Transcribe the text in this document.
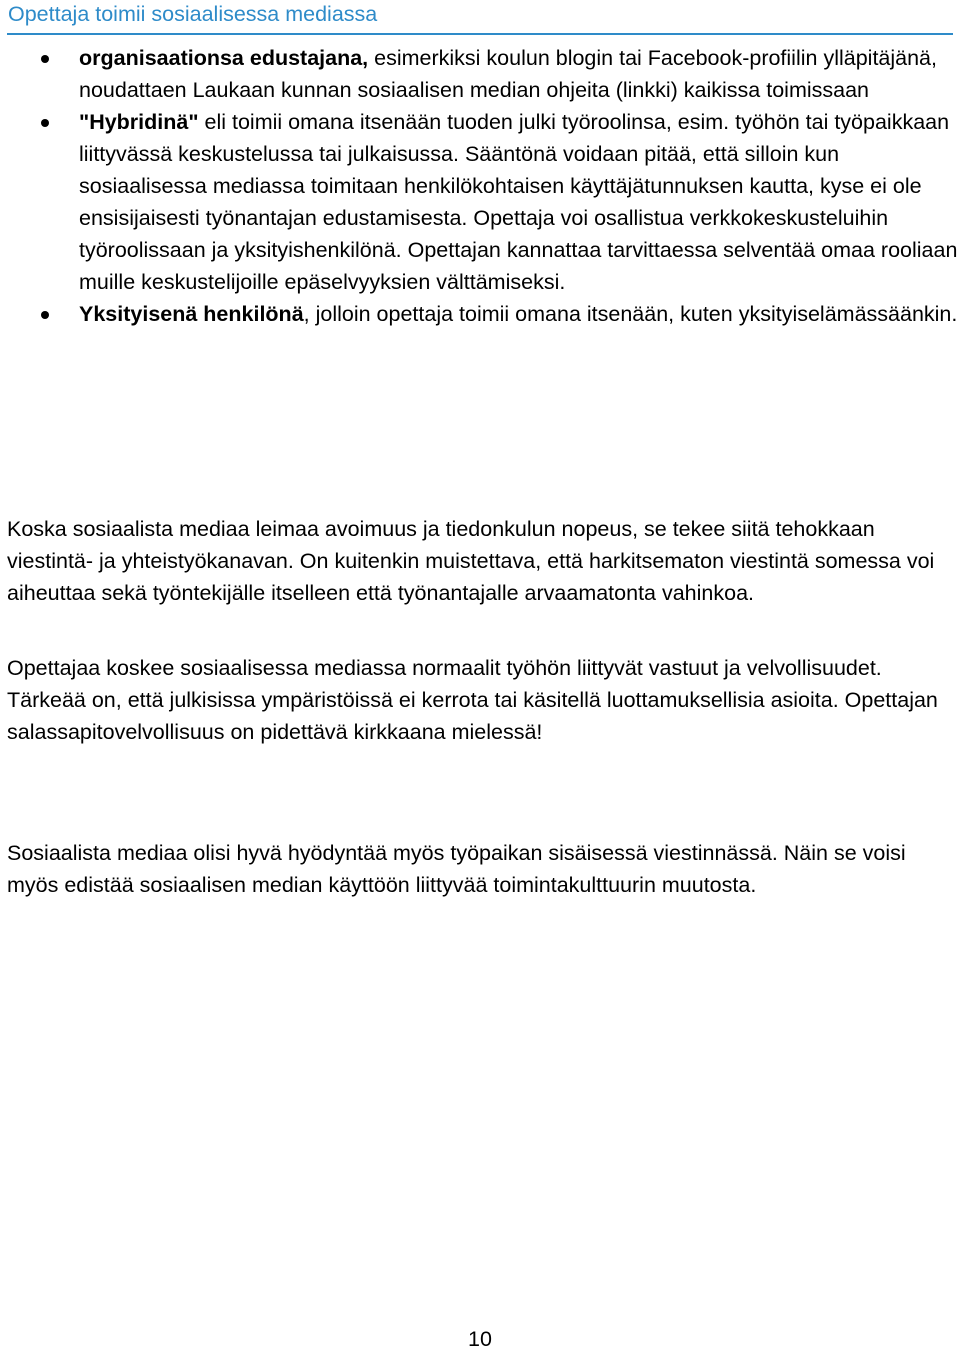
Opettaja toimii sosiaalisessa mediassa
organisaationsa edustajana, esimerkiksi koulun blogin tai Facebook-profiilin ylläpitäjänä, noudattaen Laukaan kunnan sosiaalisen median ohjeita (linkki) kaikissa toimissaan
"Hybridinä" eli toimii omana itsenään tuoden julki työroolinsa, esim. työhön tai työpaikkaan liittyvässä keskustelussa tai julkaisussa. Sääntönä voidaan pitää, että silloin kun sosiaalisessa mediassa toimitaan henkilökohtaisen käyttäjätunnuksen kautta, kyse ei ole ensisijaisesti työnantajan edustamisesta. Opettaja voi osallistua verkkokeskusteluihin työroolissaan ja yksityishenkilönä. Opettajan kannattaa tarvittaessa selventää omaa rooliaan muille keskustelijoille epäselvyyksien välttämiseksi.
Yksityisenä henkilönä, jolloin opettaja toimii omana itsenään, kuten yksityiselämässäänkin.

Koska sosiaalista mediaa leimaa avoimuus ja tiedonkulun nopeus, se tekee siitä tehokkaan viestintä- ja yhteistyökanavan. On kuitenkin muistettava, että harkitsematon viestintä somessa voi aiheuttaa sekä työntekijälle itselleen että työnantajalle arvaamatonta vahinkoa.

Opettajaa koskee sosiaalisessa mediassa normaalit työhön liittyvät vastuut ja velvollisuudet. Tärkeää on, että julkisissa ympäristöissä ei kerrota tai käsitellä luottamuksellisia asioita. Opettajan salassapitovelvollisuus on pidettävä kirkkaana mielessä!

Sosiaalista mediaa olisi hyvä hyödyntää myös työpaikan sisäisessä viestinnässä. Näin se voisi myös edistää sosiaalisen median käyttöön liittyvää toimintakulttuurin muutosta.

10
